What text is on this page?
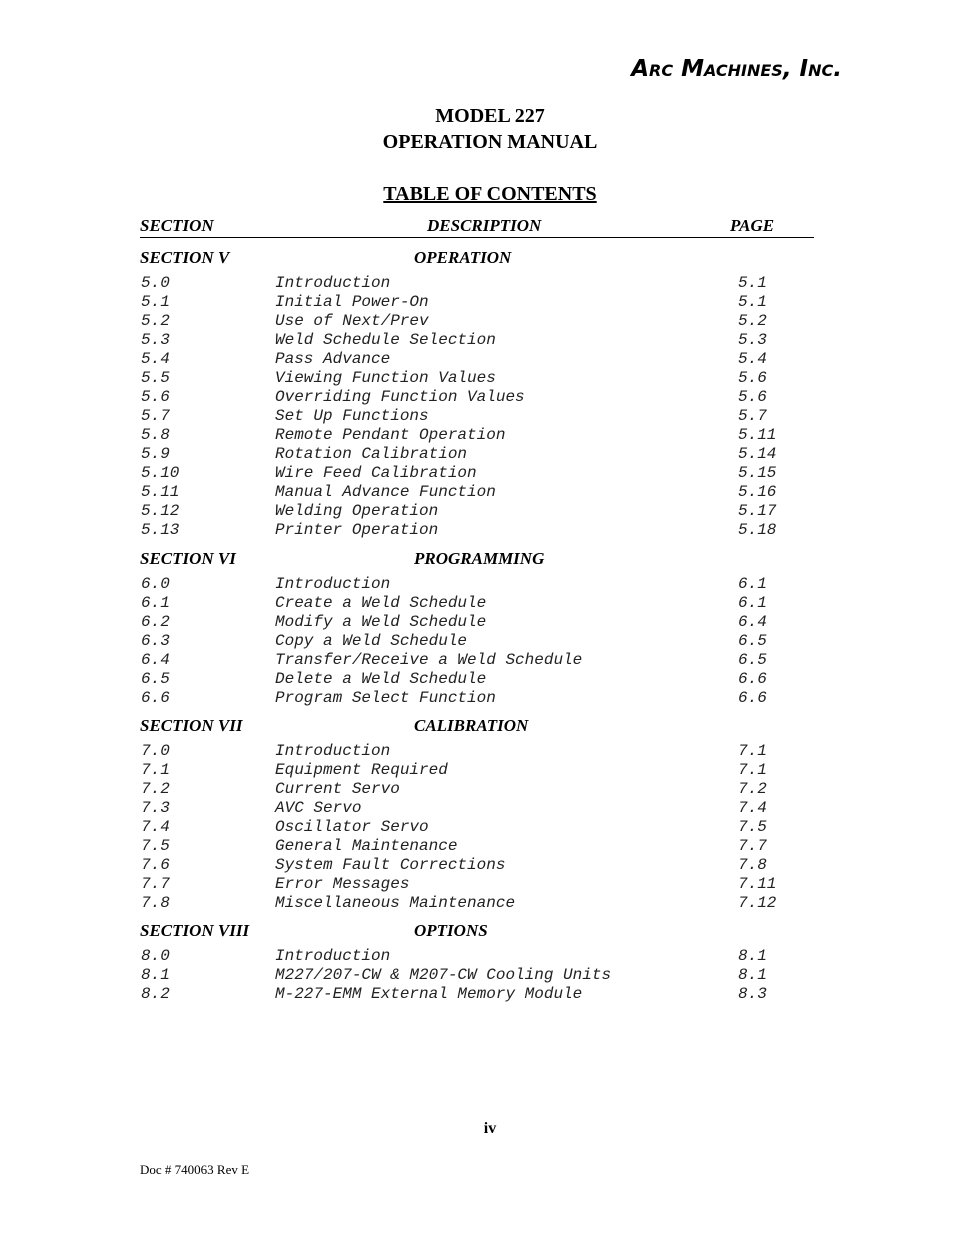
Arc Machines, Inc.
MODEL 227
OPERATION MANUAL
TABLE OF CONTENTS
SECTION	DESCRIPTION	PAGE
SECTION V	OPERATION
5.0	Introduction	5.1
5.1	Initial Power-On	5.1
5.2	Use of Next/Prev	5.2
5.3	Weld Schedule Selection	5.3
5.4	Pass Advance	5.4
5.5	Viewing Function Values	5.6
5.6	Overriding Function Values	5.6
5.7	Set Up Functions	5.7
5.8	Remote Pendant Operation	5.11
5.9	Rotation Calibration	5.14
5.10	Wire Feed Calibration	5.15
5.11	Manual Advance Function	5.16
5.12	Welding Operation	5.17
5.13	Printer Operation	5.18
SECTION VI	PROGRAMMING
6.0	Introduction	6.1
6.1	Create a Weld Schedule	6.1
6.2	Modify a Weld Schedule	6.4
6.3	Copy a Weld Schedule	6.5
6.4	Transfer/Receive a Weld Schedule	6.5
6.5	Delete a Weld Schedule	6.6
6.6	Program Select Function	6.6
SECTION VII	CALIBRATION
7.0	Introduction	7.1
7.1	Equipment Required	7.1
7.2	Current Servo	7.2
7.3	AVC Servo	7.4
7.4	Oscillator Servo	7.5
7.5	General Maintenance	7.7
7.6	System Fault Corrections	7.8
7.7	Error Messages	7.11
7.8	Miscellaneous Maintenance	7.12
SECTION VIII	OPTIONS
8.0	Introduction	8.1
8.1	M227/207-CW & M207-CW Cooling Units	8.1
8.2	M-227-EMM External Memory Module	8.3
iv
Doc # 740063 Rev E
